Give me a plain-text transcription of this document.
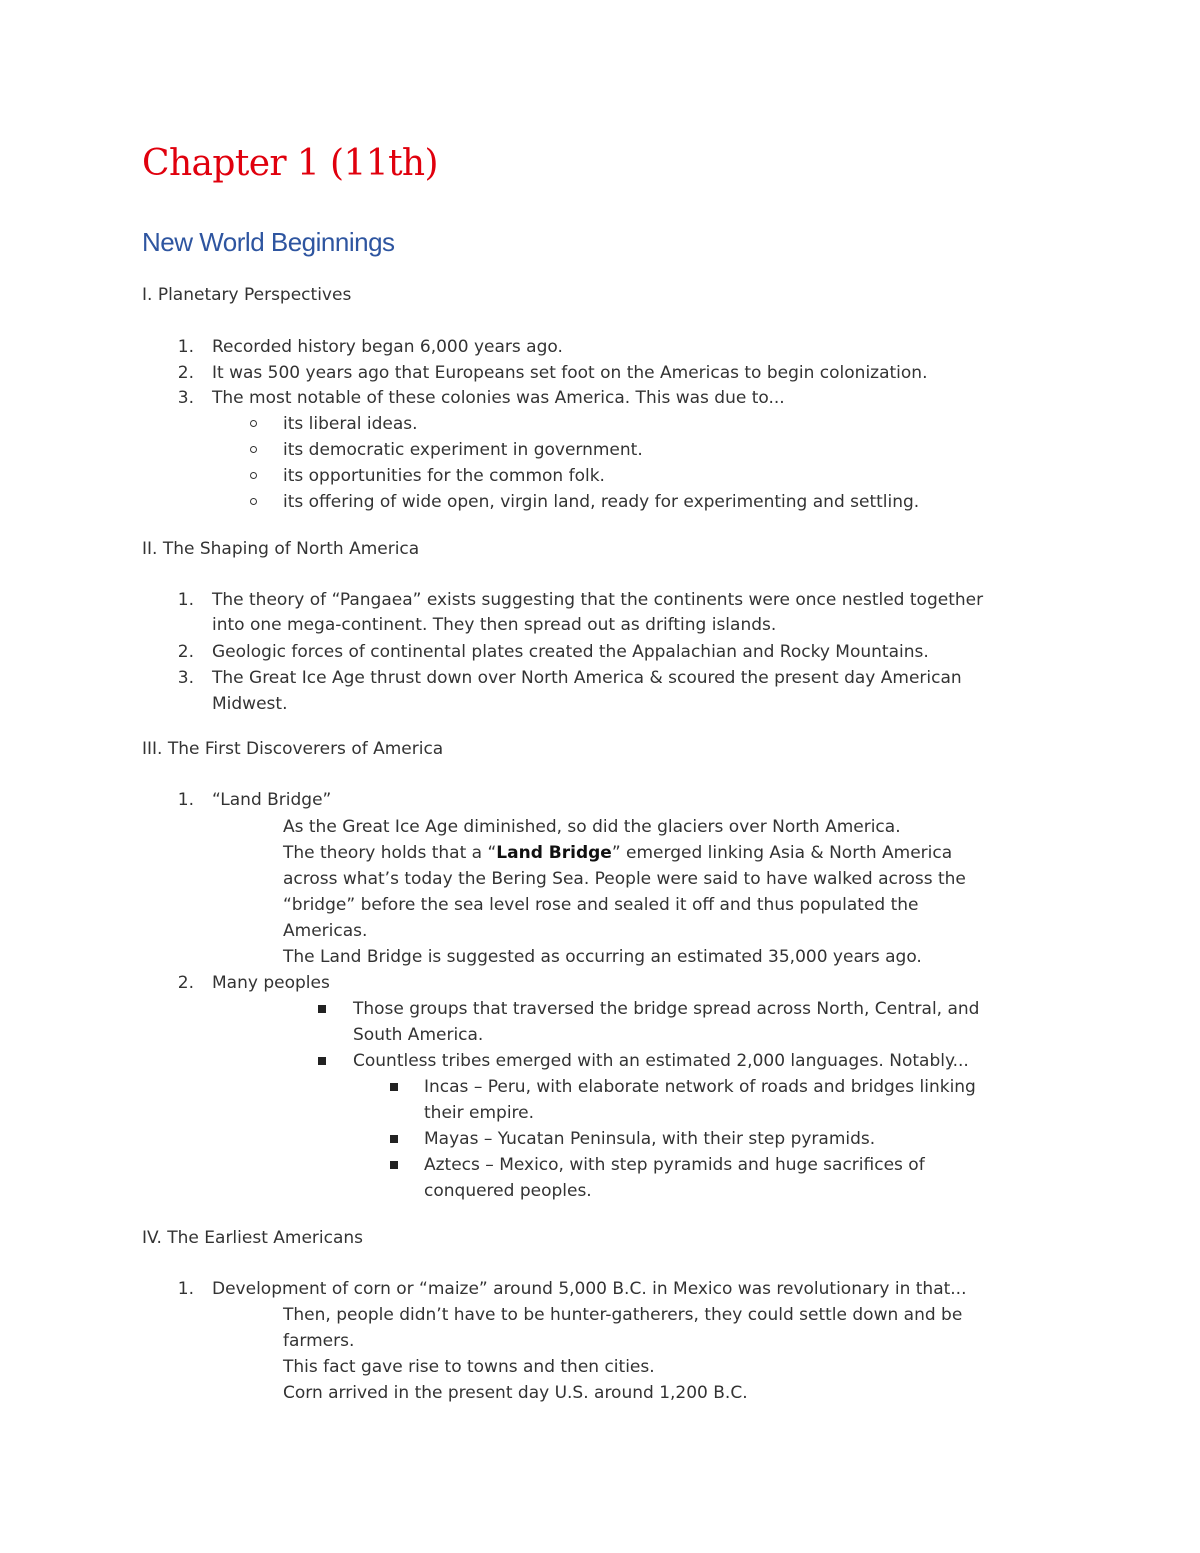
Chapter 1 (11th)
New World Beginnings
I. Planetary Perspectives
1. Recorded history began 6,000 years ago.
2. It was 500 years ago that Europeans set foot on the Americas to begin colonization.
3. The most notable of these colonies was America. This was due to...
its liberal ideas.
its democratic experiment in government.
its opportunities for the common folk.
its offering of wide open, virgin land, ready for experimenting and settling.
II. The Shaping of North America
1. The theory of “Pangaea” exists suggesting that the continents were once nestled together
into one mega-continent. They then spread out as drifting islands.
2. Geologic forces of continental plates created the Appalachian and Rocky Mountains.
3. The Great Ice Age thrust down over North America & scoured the present day American
Midwest.
III. The First Discoverers of America
1. “Land Bridge”
As the Great Ice Age diminished, so did the glaciers over North America.
The theory holds that a “Land Bridge” emerged linking Asia & North America
across what’s today the Bering Sea. People were said to have walked across the
“bridge” before the sea level rose and sealed it off and thus populated the
Americas.
The Land Bridge is suggested as occurring an estimated 35,000 years ago.
2. Many peoples
Those groups that traversed the bridge spread across North, Central, and
South America.
Countless tribes emerged with an estimated 2,000 languages. Notably...
Incas – Peru, with elaborate network of roads and bridges linking
their empire.
Mayas – Yucatan Peninsula, with their step pyramids.
Aztecs – Mexico, with step pyramids and huge sacrifices of
conquered peoples.
IV. The Earliest Americans
1. Development of corn or “maize” around 5,000 B.C. in Mexico was revolutionary in that...
Then, people didn’t have to be hunter-gatherers, they could settle down and be
farmers.
This fact gave rise to towns and then cities.
Corn arrived in the present day U.S. around 1,200 B.C.
